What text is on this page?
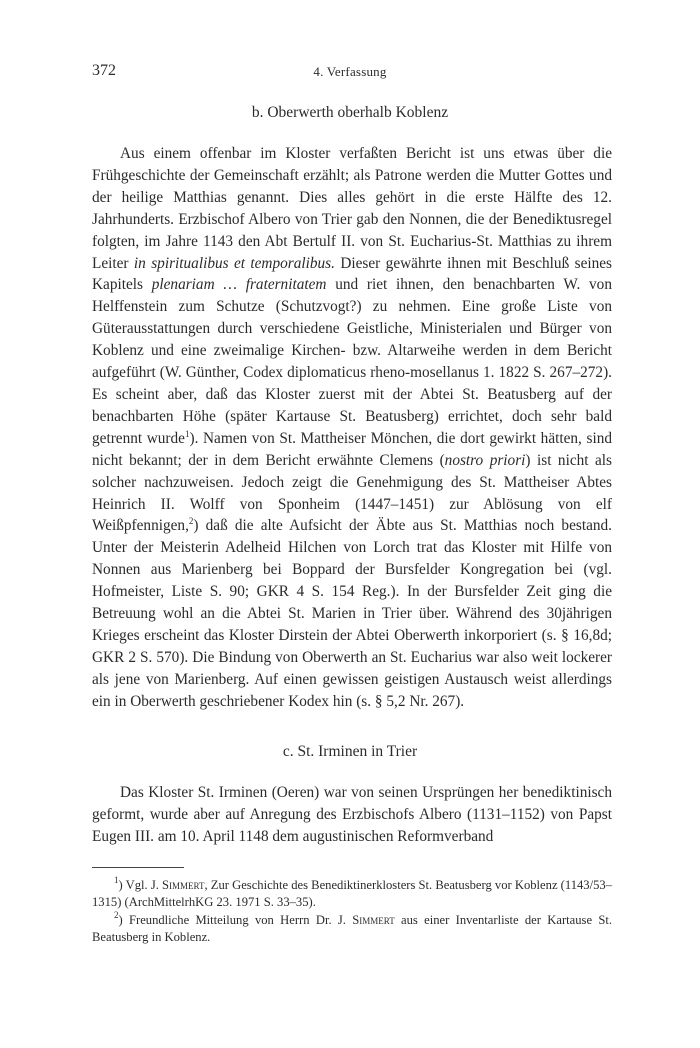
372	4. Verfassung
b. Oberwerth oberhalb Koblenz

Aus einem offenbar im Kloster verfaßten Bericht ist uns etwas über die Frühgeschichte der Gemeinschaft erzählt; als Patrone werden die Mutter Gottes und der heilige Matthias genannt. Dies alles gehört in die erste Hälfte des 12. Jahrhunderts. Erzbischof Albero von Trier gab den Nonnen, die der Benediktusregel folgten, im Jahre 1143 den Abt Bertulf II. von St. Eucharius-St. Matthias zu ihrem Leiter in spiritualibus et temporalibus. Dieser gewährte ihnen mit Beschluß seines Kapitels plenariam … fraternitatem und riet ihnen, den benachbarten W. von Helffenstein zum Schutze (Schutzvogt?) zu nehmen. Eine große Liste von Güterausstattungen durch verschiedene Geistliche, Ministerialen und Bürger von Koblenz und eine zweimalige Kirchen- bzw. Altarweihe werden in dem Bericht aufgeführt (W. Günther, Codex diplomaticus rheno-mosellanus 1. 1822 S. 267–272). Es scheint aber, daß das Kloster zuerst mit der Abtei St. Beatusberg auf der benachbarten Höhe (später Kartause St. Beatusberg) errichtet, doch sehr bald getrennt wurde$^1$). Namen von St. Mattheiser Mönchen, die dort gewirkt hätten, sind nicht bekannt; der in dem Bericht erwähnte Clemens (nostro priori) ist nicht als solcher nachzuweisen. Jedoch zeigt die Genehmigung des St. Mattheiser Abtes Heinrich II. Wolff von Sponheim (1447–1451) zur Ablösung von elf Weißpfennigen,$^2$) daß die alte Aufsicht der Äbte aus St. Matthias noch bestand. Unter der Meisterin Adelheid Hilchen von Lorch trat das Kloster mit Hilfe von Nonnen aus Marienberg bei Boppard der Bursfelder Kongregation bei (vgl. Hofmeister, Liste S. 90; GKR 4 S. 154 Reg.). In der Bursfelder Zeit ging die Betreuung wohl an die Abtei St. Marien in Trier über. Während des 30jährigen Krieges erscheint das Kloster Dirstein der Abtei Oberwerth inkorporiert (s. § 16,8d; GKR 2 S. 570). Die Bindung von Oberwerth an St. Eucharius war also weit lockerer als jene von Marienberg. Auf einen gewissen geistigen Austausch weist allerdings ein in Oberwerth geschriebener Kodex hin (s. § 5,2 Nr. 267).

c. St. Irminen in Trier

Das Kloster St. Irminen (Oeren) war von seinen Ursprüngen her benediktinisch geformt, wurde aber auf Anregung des Erzbischofs Albero (1131–1152) von Papst Eugen III. am 10. April 1148 dem augustinischen Reformverband

$^1$) Vgl. J. Simmert, Zur Geschichte des Benediktinerklosters St. Beatusberg vor Koblenz (1143/53–1315) (ArchMittelrhKG 23. 1971 S. 33–35).

$^2$) Freundliche Mitteilung von Herrn Dr. J. Simmert aus einer Inventarliste der Kartause St. Beatusberg in Koblenz.
